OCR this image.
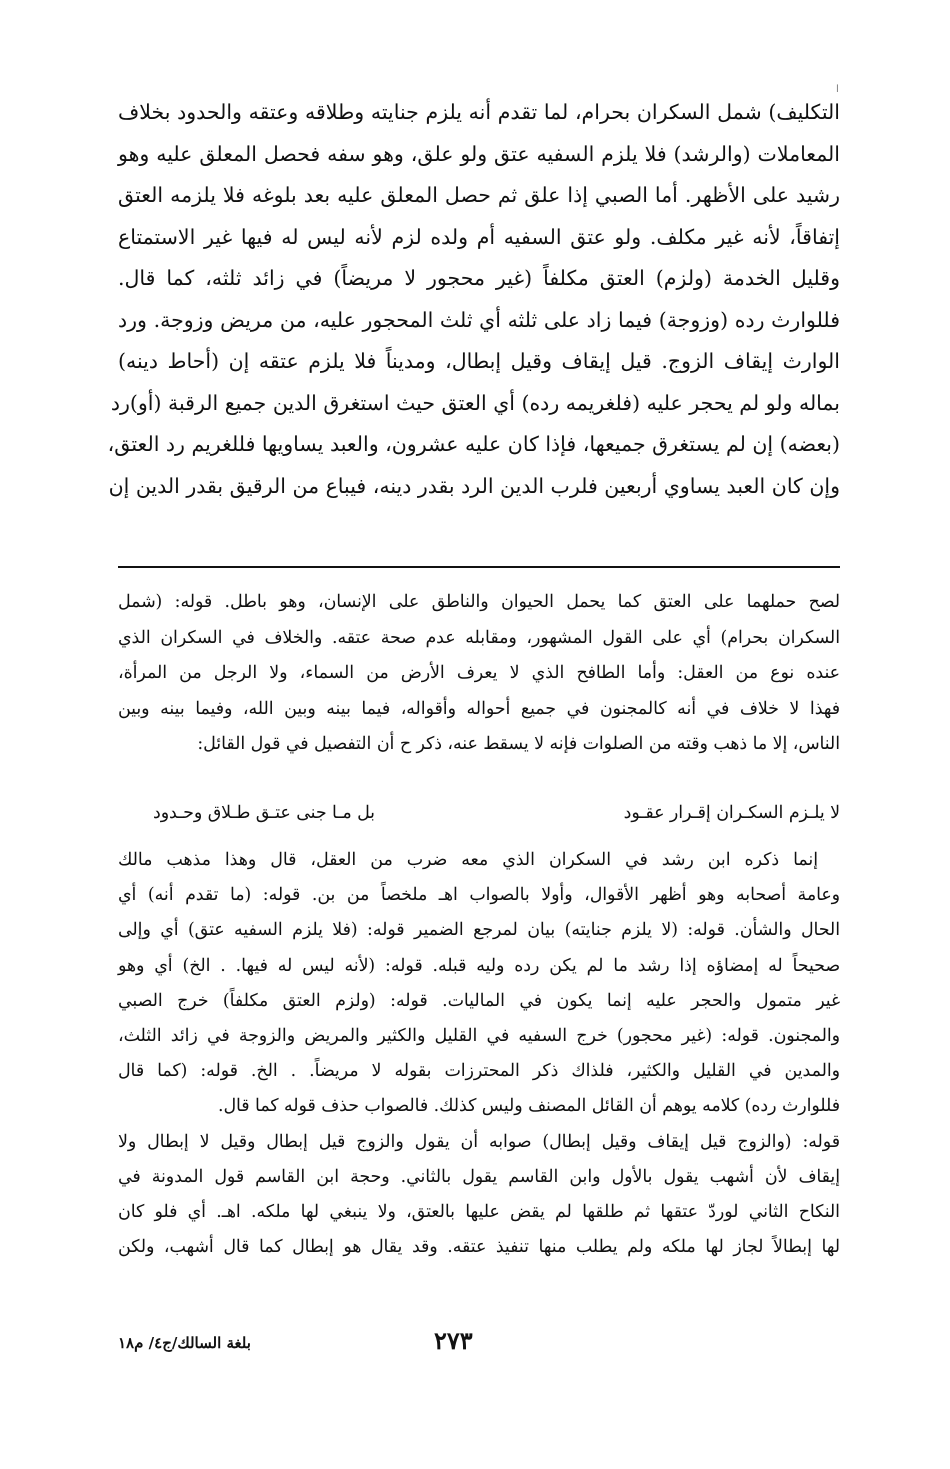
ا
التكليف) شمل السكران بحرام، لما تقدم أنه يلزم جنايته وطلاقه وعتقه والحدود بخلاف
المعاملات (والرشد) فلا يلزم السفيه عتق ولو علق، وهو سفه فحصل المعلق عليه وهو
رشيد على الأظهر. أما الصبي إذا علق ثم حصل المعلق عليه بعد بلوغه فلا يلزمه العتق
إتفاقاً، لأنه غير مكلف. ولو عتق السفيه أم ولده لزم لأنه ليس له فيها غير الاستمتاع
وقليل الخدمة (ولزم) العتق مكلفاً (غير محجور لا مريضاً) في زائد ثلثه، كما قال.
فللوارث رده (وزوجة) فيما زاد على ثلثه أي ثلث المحجور عليه، من مريض وزوجة. ورد
الوارث إيقاف الزوج. قيل إيقاف وقيل إبطال، ومديناً فلا يلزم عتقه إن (أحاط دينه)
بماله ولو لم يحجر عليه (فلغريمه رده) أي العتق حيث استغرق الدين جميع الرقبة (أو)رد
(بعضه) إن لم يستغرق جميعها، فإذا كان عليه عشرون، والعبد يساويها فللغريم رد العتق،
وإن كان العبد يساوي أربعين فلرب الدين الرد بقدر دينه، فيباع من الرقيق بقدر الدين إن
لصح حملهما على العتق كما يحمل الحيوان والناطق على الإنسان، وهو باطل. قوله: (شمل
السكران بحرام) أي على القول المشهور، ومقابله عدم صحة عتقه. والخلاف في السكران الذي
عنده نوع من العقل: وأما الطافح الذي لا يعرف الأرض من السماء، ولا الرجل من المرأة،
فهذا لا خلاف في أنه كالمجنون في جميع أحواله وأقواله، فيما بينه وبين الله، وفيما بينه وبين
الناس، إلا ما ذهب وقته من الصلوات فإنه لا يسقط عنه، ذكر ح أن التفصيل في قول القائل:
لا يلـزم السكـران إقـرار عقـود
بل مـا جنى عتـق طـلاق وحـدود
إنما ذكره ابن رشد في السكران الذي معه ضرب من العقل، قال وهذا مذهب مالك
وعامة أصحابه وهو أظهر الأقوال، وأولا بالصواب اهـ ملخصاً من بن. قوله: (ما تقدم أنه) أي
الحال والشأن. قوله: (لا يلزم جنايته) بيان لمرجع الضمير قوله: (فلا يلزم السفيه عتق) أي وإلى
صحيحاً له إمضاؤه إذا رشد ما لم يكن رده وليه قبله. قوله: (لأنه ليس له فيها. . الخ) أي وهو
غير متمول والحجر عليه إنما يكون في الماليات. قوله: (ولزم العتق مكلفاً) خرج الصبي
والمجنون. قوله: (غير محجور) خرج السفيه في القليل والكثير والمريض والزوجة في زائد الثلث،
والمدين في القليل والكثير، فلذاك ذكر المحترزات بقوله لا مريضاً. . الخ. قوله: (كما قال
فللوارث رده) كلامه يوهم أن القائل المصنف وليس كذلك. فالصواب حذف قوله كما قال.
قوله: (والزوج قيل إيقاف وقيل إبطال) صوابه أن يقول والزوج قيل إبطال وقيل لا إبطال ولا
إيقاف لأن أشهب يقول بالأول وابن القاسم يقول بالثاني. وحجة ابن القاسم قول المدونة في
النكاح الثاني لوردّ عتقها ثم طلقها لم يقض عليها بالعتق، ولا ينبغي لها ملكه. اهـ. أي فلو كان
لها إبطالاً لجاز لها ملكه ولم يطلب منها تنفيذ عتقه. وقد يقال هو إبطال كما قال أشهب، ولكن
٢٧٣
بلغة السالك/ج٤/ م١٨
